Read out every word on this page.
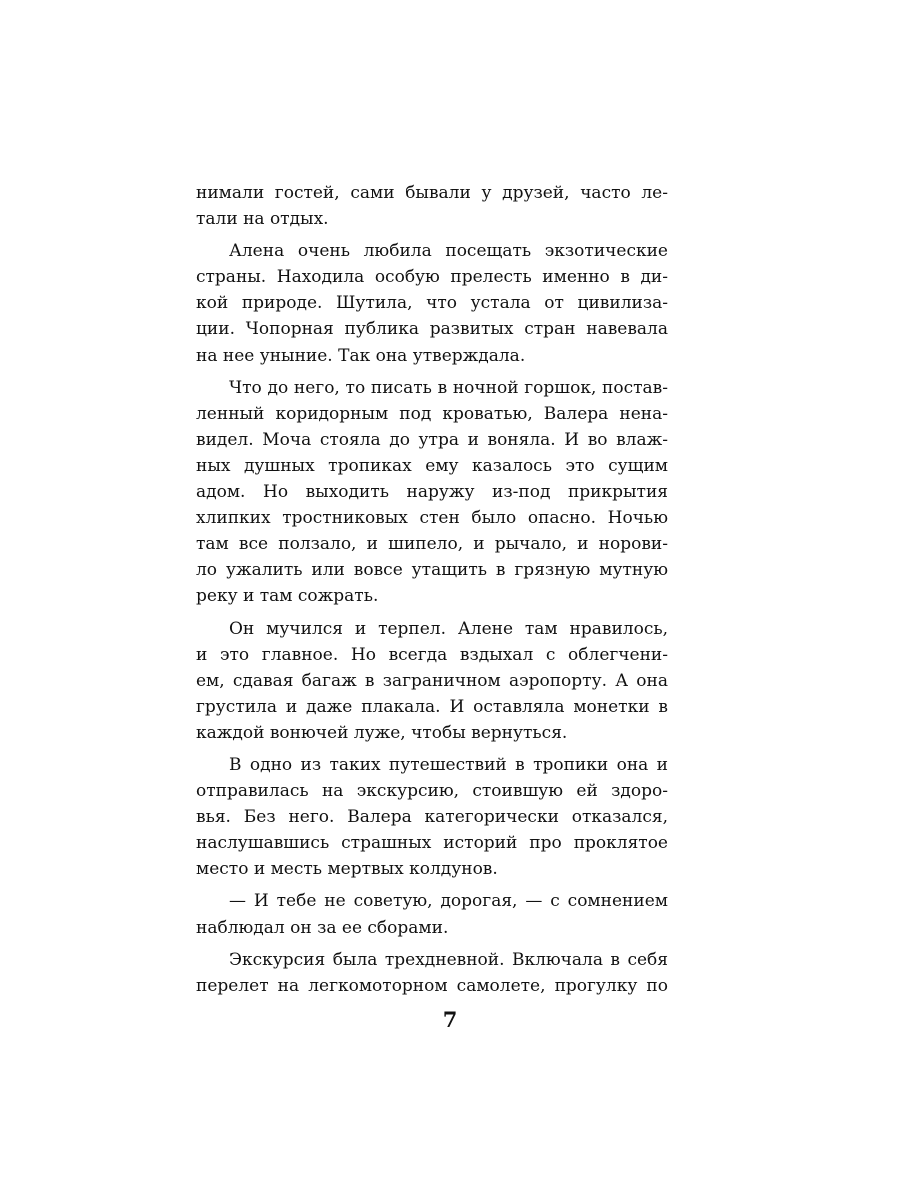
нимали гостей, сами бывали у друзей, часто ле-
тали на отдых.
Алена очень любила посещать экзотические
страны. Находила особую прелесть именно в ди-
кой природе. Шутила, что устала от цивилиза-
ции. Чопорная публика развитых стран навевала
на нее уныние. Так она утверждала.
Что до него, то писать в ночной горшок, постав-
ленный коридорным под кроватью, Валера нена-
видел. Моча стояла до утра и воняла. И во влаж-
ных душных тропиках ему казалось это сущим
адом. Но выходить наружу из-под прикрытия
хлипких тростниковых стен было опасно. Ночью
там все ползало, и шипело, и рычало, и норови-
ло ужалить или вовсе утащить в грязную мутную
реку и там сожрать.
Он мучился и терпел. Алене там нравилось,
и это главное. Но всегда вздыхал с облегчени-
ем, сдавая багаж в заграничном аэропорту. А она
грустила и даже плакала. И оставляла монетки в
каждой вонючей луже, чтобы вернуться.
В одно из таких путешествий в тропики она и
отправилась на экскурсию, стоившую ей здоро-
вья. Без него. Валера категорически отказался,
наслушавшись страшных историй про проклятое
место и месть мертвых колдунов.
— И тебе не советую, дорогая, — с сомнением
наблюдал он за ее сборами.
Экскурсия была трехдневной. Включала в себя
перелет на легкомоторном самолете, прогулку по
7
